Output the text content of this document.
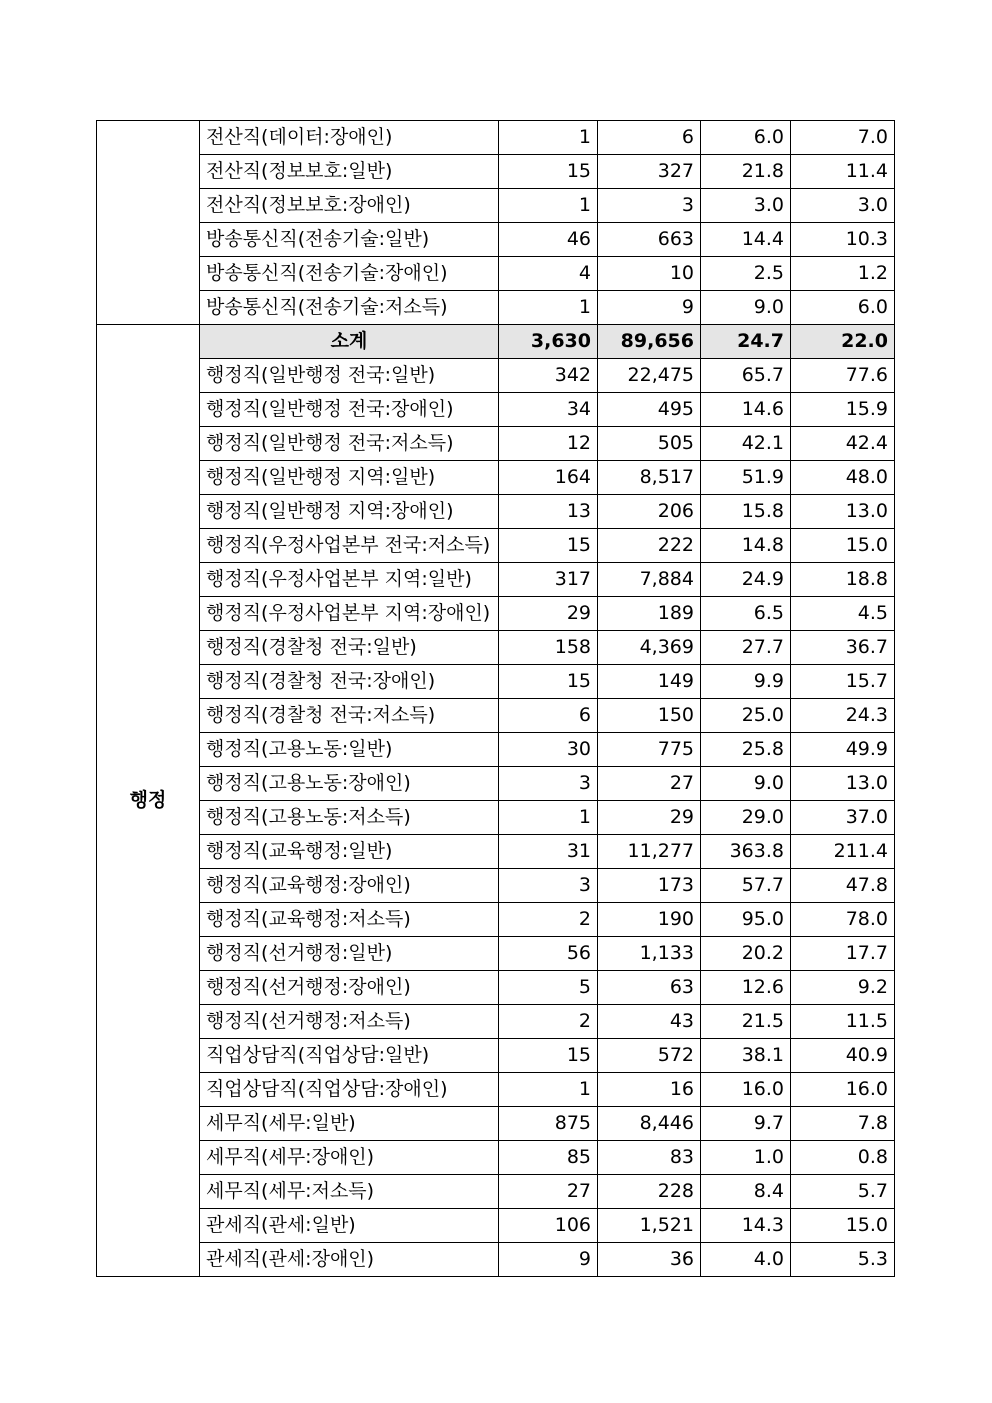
	전산직(데이터:장애인)	1	6	6.0	7.0
	전산직(정보보호:일반)	15	327	21.8	11.4
	전산직(정보보호:장애인)	1	3	3.0	3.0
	방송통신직(전송기술:일반)	46	663	14.4	10.3
	방송통신직(전송기술:장애인)	4	10	2.5	1.2
	방송통신직(전송기술:저소득)	1	9	9.0	6.0
행정	소계	3,630	89,656	24.7	22.0
	행정직(일반행정 전국:일반)	342	22,475	65.7	77.6
	행정직(일반행정 전국:장애인)	34	495	14.6	15.9
	행정직(일반행정 전국:저소득)	12	505	42.1	42.4
	행정직(일반행정 지역:일반)	164	8,517	51.9	48.0
	행정직(일반행정 지역:장애인)	13	206	15.8	13.0
	행정직(우정사업본부 전국:저소득)	15	222	14.8	15.0
	행정직(우정사업본부 지역:일반)	317	7,884	24.9	18.8
	행정직(우정사업본부 지역:장애인)	29	189	6.5	4.5
	행정직(경찰청 전국:일반)	158	4,369	27.7	36.7
	행정직(경찰청 전국:장애인)	15	149	9.9	15.7
	행정직(경찰청 전국:저소득)	6	150	25.0	24.3
	행정직(고용노동:일반)	30	775	25.8	49.9
	행정직(고용노동:장애인)	3	27	9.0	13.0
	행정직(고용노동:저소득)	1	29	29.0	37.0
	행정직(교육행정:일반)	31	11,277	363.8	211.4
	행정직(교육행정:장애인)	3	173	57.7	47.8
	행정직(교육행정:저소득)	2	190	95.0	78.0
	행정직(선거행정:일반)	56	1,133	20.2	17.7
	행정직(선거행정:장애인)	5	63	12.6	9.2
	행정직(선거행정:저소득)	2	43	21.5	11.5
	직업상담직(직업상담:일반)	15	572	38.1	40.9
	직업상담직(직업상담:장애인)	1	16	16.0	16.0
	세무직(세무:일반)	875	8,446	9.7	7.8
	세무직(세무:장애인)	85	83	1.0	0.8
	세무직(세무:저소득)	27	228	8.4	5.7
	관세직(관세:일반)	106	1,521	14.3	15.0
	관세직(관세:장애인)	9	36	4.0	5.3
